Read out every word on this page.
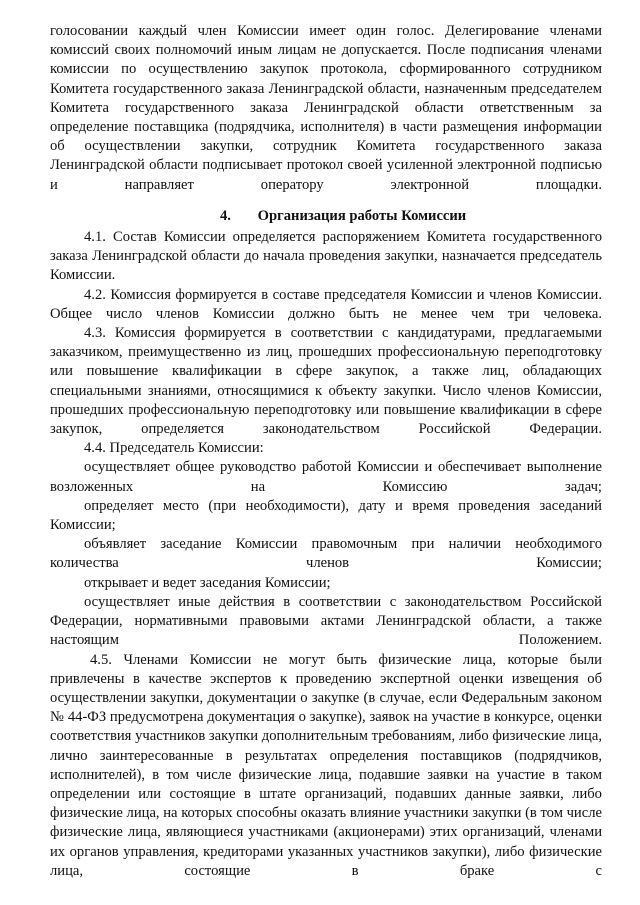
голосовании каждый член Комиссии имеет один голос. Делегирование членами комиссий своих полномочий иным лицам не допускается. После подписания членами комиссии по осуществлению закупок протокола, сформированного сотрудником Комитета государственного заказа Ленинградской области, назначенным председателем Комитета государственного заказа Ленинградской области ответственным за определение поставщика (подрядчика, исполнителя) в части размещения информации об осуществлении закупки, сотрудник Комитета государственного заказа Ленинградской области подписывает протокол своей усиленной электронной подписью и направляет оператору электронной площадки.

4. Организация работы Комиссии

4.1. Состав Комиссии определяется распоряжением Комитета государственного заказа Ленинградской области до начала проведения закупки, назначается председатель Комиссии.

4.2. Комиссия формируется в составе председателя Комиссии и членов Комиссии. Общее число членов Комиссии должно быть не менее чем три человека.

4.3. Комиссия формируется в соответствии с кандидатурами, предлагаемыми заказчиком, преимущественно из лиц, прошедших профессиональную переподготовку или повышение квалификации в сфере закупок, а также лиц, обладающих специальными знаниями, относящимися к объекту закупки. Число членов Комиссии, прошедших профессиональную переподготовку или повышение квалификации в сфере закупок, определяется законодательством Российской	Федерации.

4.4. Председатель Комиссии:

осуществляет общее руководство работой Комиссии и обеспечивает выполнение возложенных на Комиссию задач;

определяет место (при необходимости), дату и время проведения заседаний Комиссии;

объявляет заседание Комиссии правомочным при наличии необходимого количества членов Комиссии;

открывает и ведет заседания Комиссии;

осуществляет иные действия в соответствии с законодательством Российской Федерации, нормативными правовыми актами Ленинградской области, а также настоящим Положением.

4.5. Членами Комиссии не могут быть физические лица, которые были привлечены в качестве экспертов к проведению экспертной оценки извещения об осуществлении закупки, документации о закупке (в случае, если Федеральным законом № 44-ФЗ предусмотрена документация о закупке), заявок на участие в конкурсе, оценки соответствия участников закупки дополнительным требованиям, либо физические лица, лично заинтересованные в результатах определения поставщиков (подрядчиков, исполнителей), в том числе физические лица, подавшие заявки на участие в таком определении или состоящие в штате организаций, подавших данные заявки, либо физические лица, на которых способны оказать влияние участники закупки (в том числе физические лица, являющиеся участниками (акционерами) этих организаций, членами их органов управления, кредиторами указанных участников закупки), либо физические лица, состоящие в браке с
